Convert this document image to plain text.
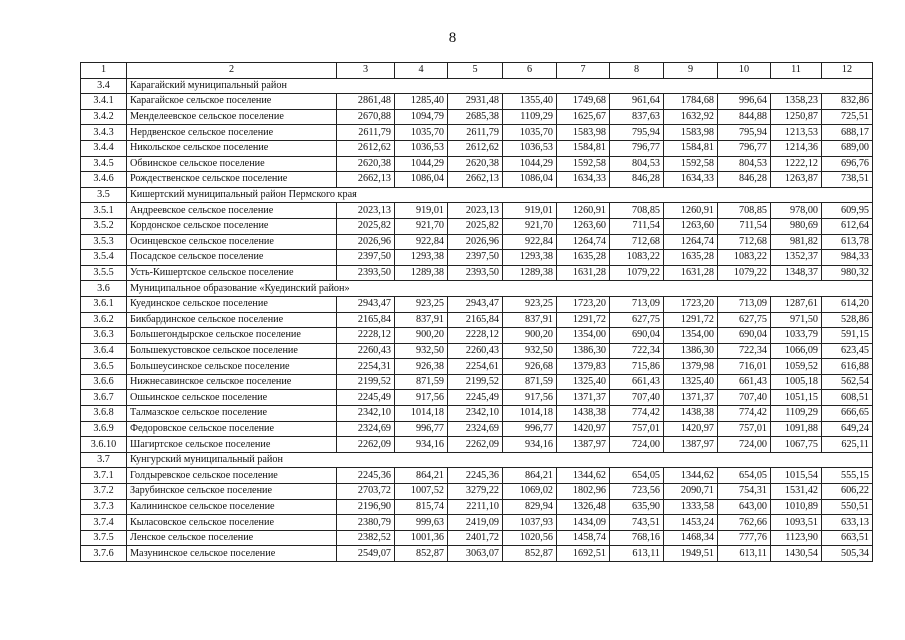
8
1	2	3	4	5	6	7	8	9	10	11	12
3.4	Карагайский муниципальный район										
3.4.1	Карагайское сельское поселение	2861,48	1285,40	2931,48	1355,40	1749,68	961,64	1784,68	996,64	1358,23	832,86
3.4.2	Менделеевское сельское поселение	2670,88	1094,79	2685,38	1109,29	1625,67	837,63	1632,92	844,88	1250,87	725,51
3.4.3	Нердвенское сельское поселение	2611,79	1035,70	2611,79	1035,70	1583,98	795,94	1583,98	795,94	1213,53	688,17
3.4.4	Никольское сельское поселение	2612,62	1036,53	2612,62	1036,53	1584,81	796,77	1584,81	796,77	1214,36	689,00
3.4.5	Обвинское сельское поселение	2620,38	1044,29	2620,38	1044,29	1592,58	804,53	1592,58	804,53	1222,12	696,76
3.4.6	Рождественское сельское поселение	2662,13	1086,04	2662,13	1086,04	1634,33	846,28	1634,33	846,28	1263,87	738,51
3.5	Кишертский муниципальный район Пермского края										
3.5.1	Андреевское сельское поселение	2023,13	919,01	2023,13	919,01	1260,91	708,85	1260,91	708,85	978,00	609,95
3.5.2	Кордонское сельское поселение	2025,82	921,70	2025,82	921,70	1263,60	711,54	1263,60	711,54	980,69	612,64
3.5.3	Осинцевское сельское поселение	2026,96	922,84	2026,96	922,84	1264,74	712,68	1264,74	712,68	981,82	613,78
3.5.4	Посадское сельское поселение	2397,50	1293,38	2397,50	1293,38	1635,28	1083,22	1635,28	1083,22	1352,37	984,33
3.5.5	Усть-Кишертское сельское поселение	2393,50	1289,38	2393,50	1289,38	1631,28	1079,22	1631,28	1079,22	1348,37	980,32
3.6	Муниципальное образование «Куединский район»										
3.6.1	Куединское сельское поселение	2943,47	923,25	2943,47	923,25	1723,20	713,09	1723,20	713,09	1287,61	614,20
3.6.2	Бикбардинское сельское поселение	2165,84	837,91	2165,84	837,91	1291,72	627,75	1291,72	627,75	971,50	528,86
3.6.3	Большегондырское сельское поселение	2228,12	900,20	2228,12	900,20	1354,00	690,04	1354,00	690,04	1033,79	591,15
3.6.4	Большекустовское сельское поселение	2260,43	932,50	2260,43	932,50	1386,30	722,34	1386,30	722,34	1066,09	623,45
3.6.5	Большеусинское сельское поселение	2254,31	926,38	2254,61	926,68	1379,83	715,86	1379,98	716,01	1059,52	616,88
3.6.6	Нижнесавинское сельское поселение	2199,52	871,59	2199,52	871,59	1325,40	661,43	1325,40	661,43	1005,18	562,54
3.6.7	Ошьинское сельское поселение	2245,49	917,56	2245,49	917,56	1371,37	707,40	1371,37	707,40	1051,15	608,51
3.6.8	Талмазское сельское поселение	2342,10	1014,18	2342,10	1014,18	1438,38	774,42	1438,38	774,42	1109,29	666,65
3.6.9	Федоровское сельское поселение	2324,69	996,77	2324,69	996,77	1420,97	757,01	1420,97	757,01	1091,88	649,24
3.6.10	Шагиртское сельское поселение	2262,09	934,16	2262,09	934,16	1387,97	724,00	1387,97	724,00	1067,75	625,11
3.7	Кунгурский муниципальный район										
3.7.1	Голдыревское сельское поселение	2245,36	864,21	2245,36	864,21	1344,62	654,05	1344,62	654,05	1015,54	555,15
3.7.2	Зарубинское сельское поселение	2703,72	1007,52	3279,22	1069,02	1802,96	723,56	2090,71	754,31	1531,42	606,22
3.7.3	Калининское сельское поселение	2196,90	815,74	2211,10	829,94	1326,48	635,90	1333,58	643,00	1010,89	550,51
3.7.4	Кыласовское сельское поселение	2380,79	999,63	2419,09	1037,93	1434,09	743,51	1453,24	762,66	1093,51	633,13
3.7.5	Ленское сельское поселение	2382,52	1001,36	2401,72	1020,56	1458,74	768,16	1468,34	777,76	1123,90	663,51
3.7.6	Мазунинское сельское поселение	2549,07	852,87	3063,07	852,87	1692,51	613,11	1949,51	613,11	1430,54	505,34
